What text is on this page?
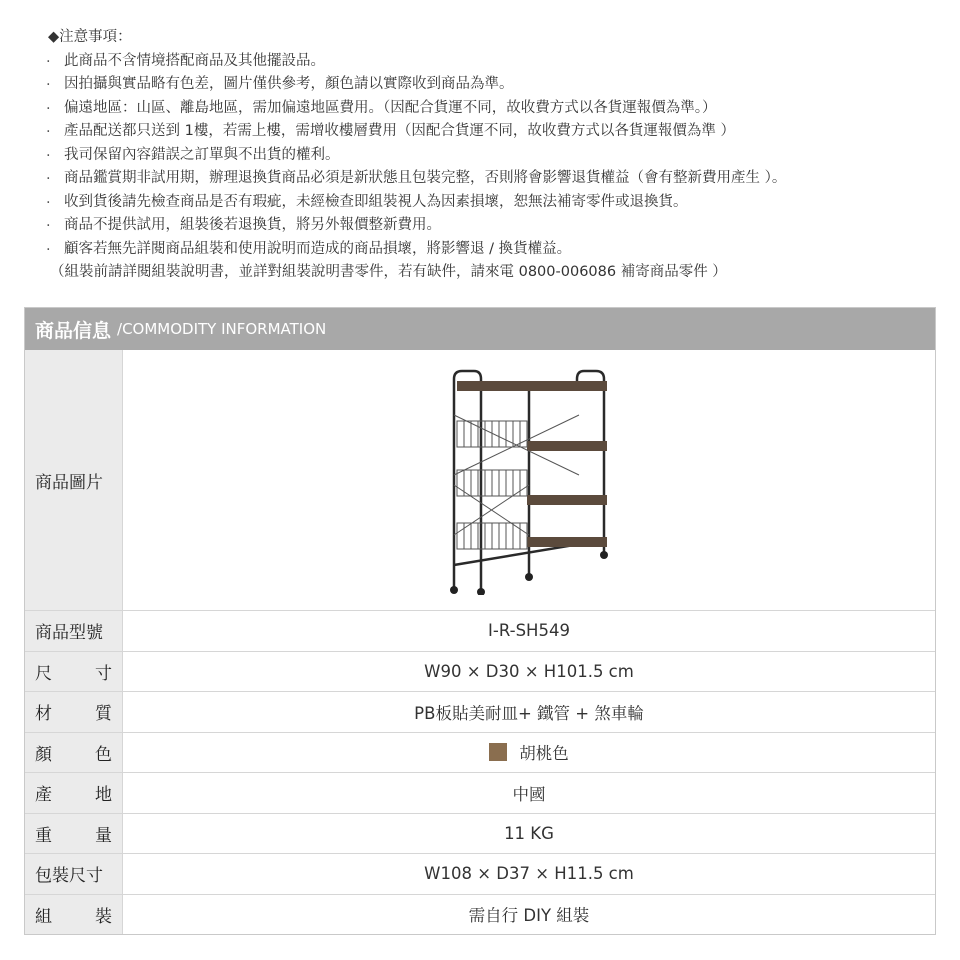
◆注意事項：
. 此商品不含情境搭配商品及其他擺設品。
. 因拍攝與實品略有色差，圖片僅供參考，顏色請以實際收到商品為準。
. 偏遠地區：山區、離島地區，需加偏遠地區費用。（因配合貨運不同，故收費方式以各貨運報價為準。）
. 產品配送都只送到 1樓，若需上樓，需增收樓層費用（因配合貨運不同，故收費方式以各貨運報價為準 ）
. 我司保留內容錯誤之訂單與不出貨的權利。
. 商品鑑賞期非試用期，辦理退換貨商品必須是新狀態且包裝完整，否則將會影響退貨權益（會有整新費用產生 ）。
. 收到貨後請先檢查商品是否有瑕疵，未經檢查即組裝視人為因素損壞，恕無法補寄零件或退換貨。
. 商品不提供試用，組裝後若退換貨，將另外報價整新費用。
. 顧客若無先詳閱商品組裝和使用說明而造成的商品損壞，將影響退 / 換貨權益。
（組裝前請詳閱組裝說明書，並詳對組裝說明書零件，若有缺件，請來電 0800-006086 補寄商品零件 ）
商品信息 /COMMODITY INFORMATION
商品圖片
商品型號	I-R-SH549
尺	寸	W90 × D30 × H101.5 cm
材	質	PB板貼美耐皿+ 鐵管 + 煞車輪
顏	色	胡桃色
產	地	中國
重	量	11 KG
包裝尺寸	W108 × D37 × H11.5 cm
組	裝	需自行 DIY 組裝
